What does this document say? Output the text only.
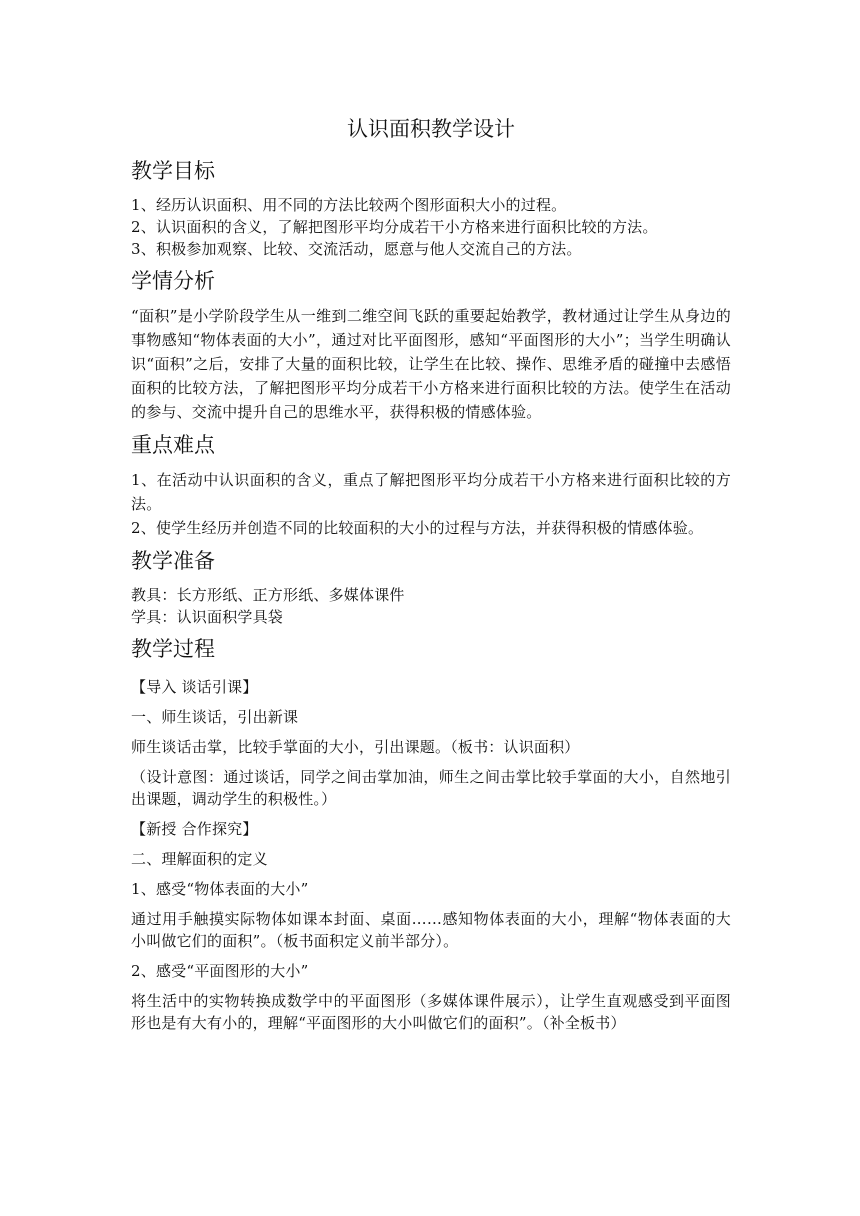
认识面积教学设计
教学目标

1、经历认识面积、用不同的方法比较两个图形面积大小的过程。

2、认识面积的含义，了解把图形平均分成若干小方格来进行面积比较的方法。

3、积极参加观察、比较、交流活动，愿意与他人交流自己的方法。

学情分析

“面积”是小学阶段学生从一维到二维空间飞跃的重要起始教学，教材通过让学生从身边的事物感知“物体表面的大小”，通过对比平面图形，感知“平面图形的大小”；当学生明确认识“面积”之后，安排了大量的面积比较，让学生在比较、操作、思维矛盾的碰撞中去感悟面积的比较方法，了解把图形平均分成若干小方格来进行面积比较的方法。使学生在活动的参与、交流中提升自己的思维水平，获得积极的情感体验。

重点难点

1、在活动中认识面积的含义，重点了解把图形平均分成若干小方格来进行面积比较的方法。

2、使学生经历并创造不同的比较面积的大小的过程与方法，并获得积极的情感体验。

教学准备

教具：长方形纸、正方形纸、多媒体课件

学具：认识面积学具袋

教学过程

【导入 谈话引课】

一、师生谈话，引出新课

师生谈话击掌，比较手掌面的大小，引出课题。（板书：认识面积）

（设计意图：通过谈话，同学之间击掌加油，师生之间击掌比较手掌面的大小，自然地引出课题，调动学生的积极性。）

【新授 合作探究】

二、理解面积的定义

1、感受“物体表面的大小”

通过用手触摸实际物体如课本封面、桌面……感知物体表面的大小，理解“物体表面的大小叫做它们的面积”。（板书面积定义前半部分）。

2、感受“平面图形的大小”

将生活中的实物转换成数学中的平面图形（多媒体课件展示），让学生直观感受到平面图形也是有大有小的，理解“平面图形的大小叫做它们的面积”。（补全板书）
